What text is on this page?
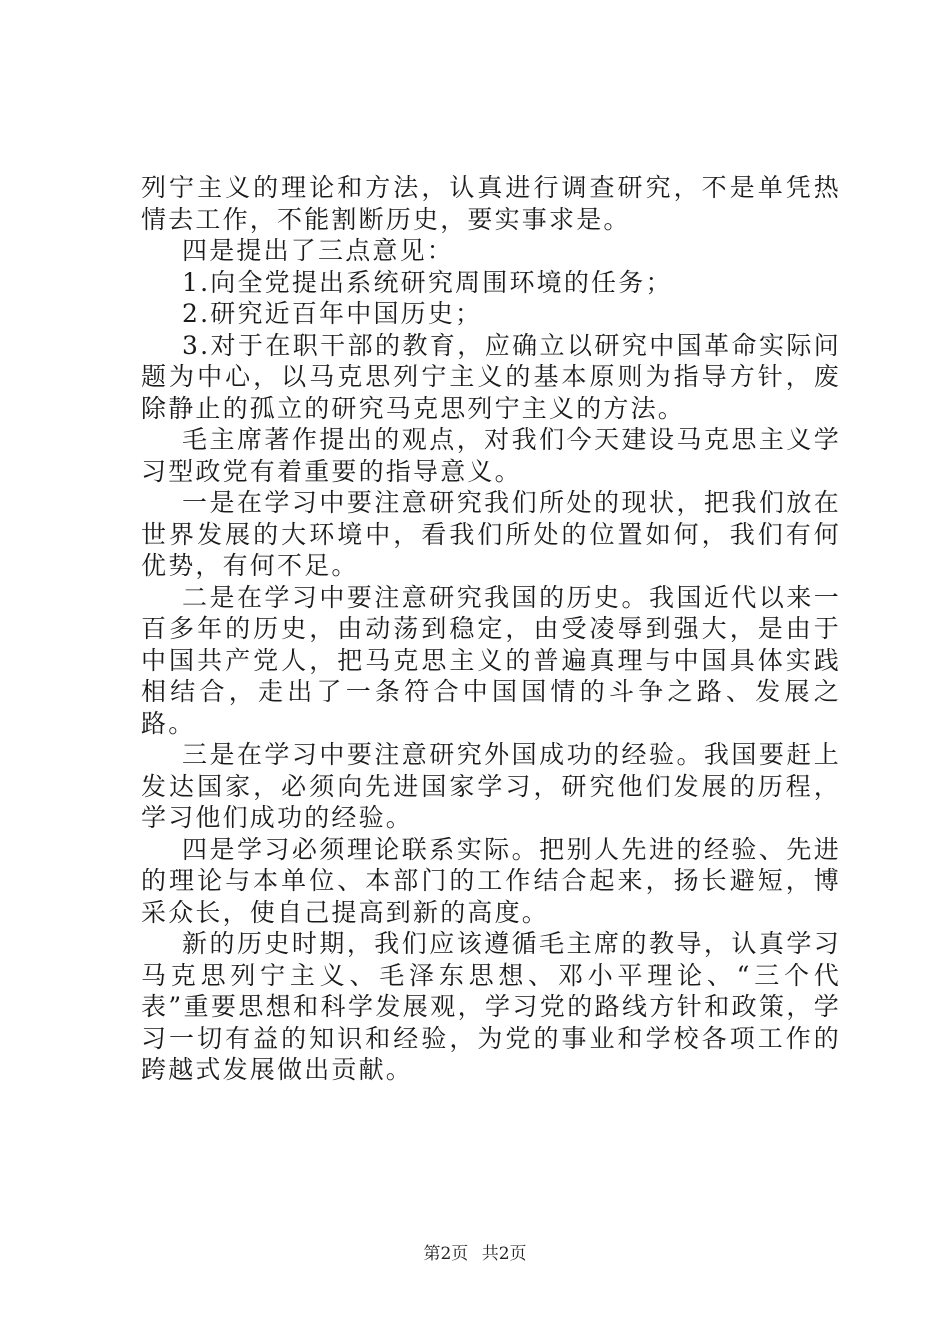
列宁主义的理论和方法，认真进行调查研究，不是单凭热情去工作，不能割断历史，要实事求是。

四是提出了三点意见：

1.向全党提出系统研究周围环境的任务；

2.研究近百年中国历史；

3.对于在职干部的教育，应确立以研究中国革命实际问题为中心，以马克思列宁主义的基本原则为指导方针，废除静止的孤立的研究马克思列宁主义的方法。

毛主席著作提出的观点，对我们今天建设马克思主义学习型政党有着重要的指导意义。

一是在学习中要注意研究我们所处的现状，把我们放在世界发展的大环境中，看我们所处的位置如何，我们有何优势，有何不足。

二是在学习中要注意研究我国的历史。我国近代以来一百多年的历史，由动荡到稳定，由受凌辱到强大，是由于中国共产党人，把马克思主义的普遍真理与中国具体实践相结合，走出了一条符合中国国情的斗争之路、发展之路。

三是在学习中要注意研究外国成功的经验。我国要赶上发达国家，必须向先进国家学习，研究他们发展的历程，学习他们成功的经验。

四是学习必须理论联系实际。把别人先进的经验、先进的理论与本单位、本部门的工作结合起来，扬长避短，博采众长，使自己提高到新的高度。

新的历史时期，我们应该遵循毛主席的教导，认真学习马克思列宁主义、毛泽东思想、邓小平理论、“三个代表”重要思想和科学发展观，学习党的路线方针和政策，学习一切有益的知识和经验，为党的事业和学校各项工作的跨越式发展做出贡献。

第2页 共2页
